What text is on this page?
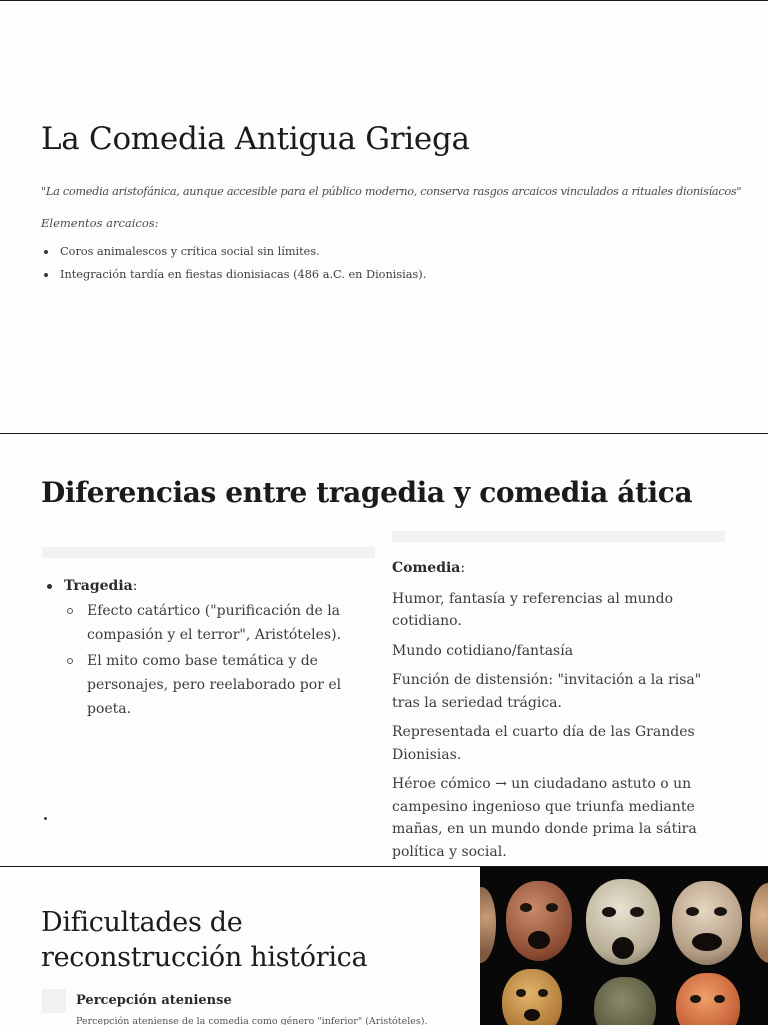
La Comedia Antigua Griega
"La comedia aristofánica, aunque accesible para el público moderno, conserva rasgos arcaicos vinculados a rituales dionisíacos"
Elementos arcaicos:
Coros animalescos y crítica social sin límites.
Integración tardía en fiestas dionisiacas (486 a.C. en Dionisias).
Diferencias entre tragedia y comedia ática
Tragedia:
Efecto catártico ("purificación de la compasión y el terror", Aristóteles).
El mito como base temática y de personajes, pero reelaborado por el poeta.

Comedia:

Humor, fantasía y referencias al mundo cotidiano.

Mundo cotidiano/fantasía

Función de distensión: "invitación a la risa" tras la seriedad trágica.

Representada el cuarto día de las Grandes Dionisias.

Héroe cómico → un ciudadano astuto o un campesino ingenioso que triunfa mediante mañas, en un mundo donde prima la sátira política y social.

Dificultades de
reconstrucción histórica
Percepción ateniense
Percepción ateniense de la comedia como género "inferior" (Aristóteles).
